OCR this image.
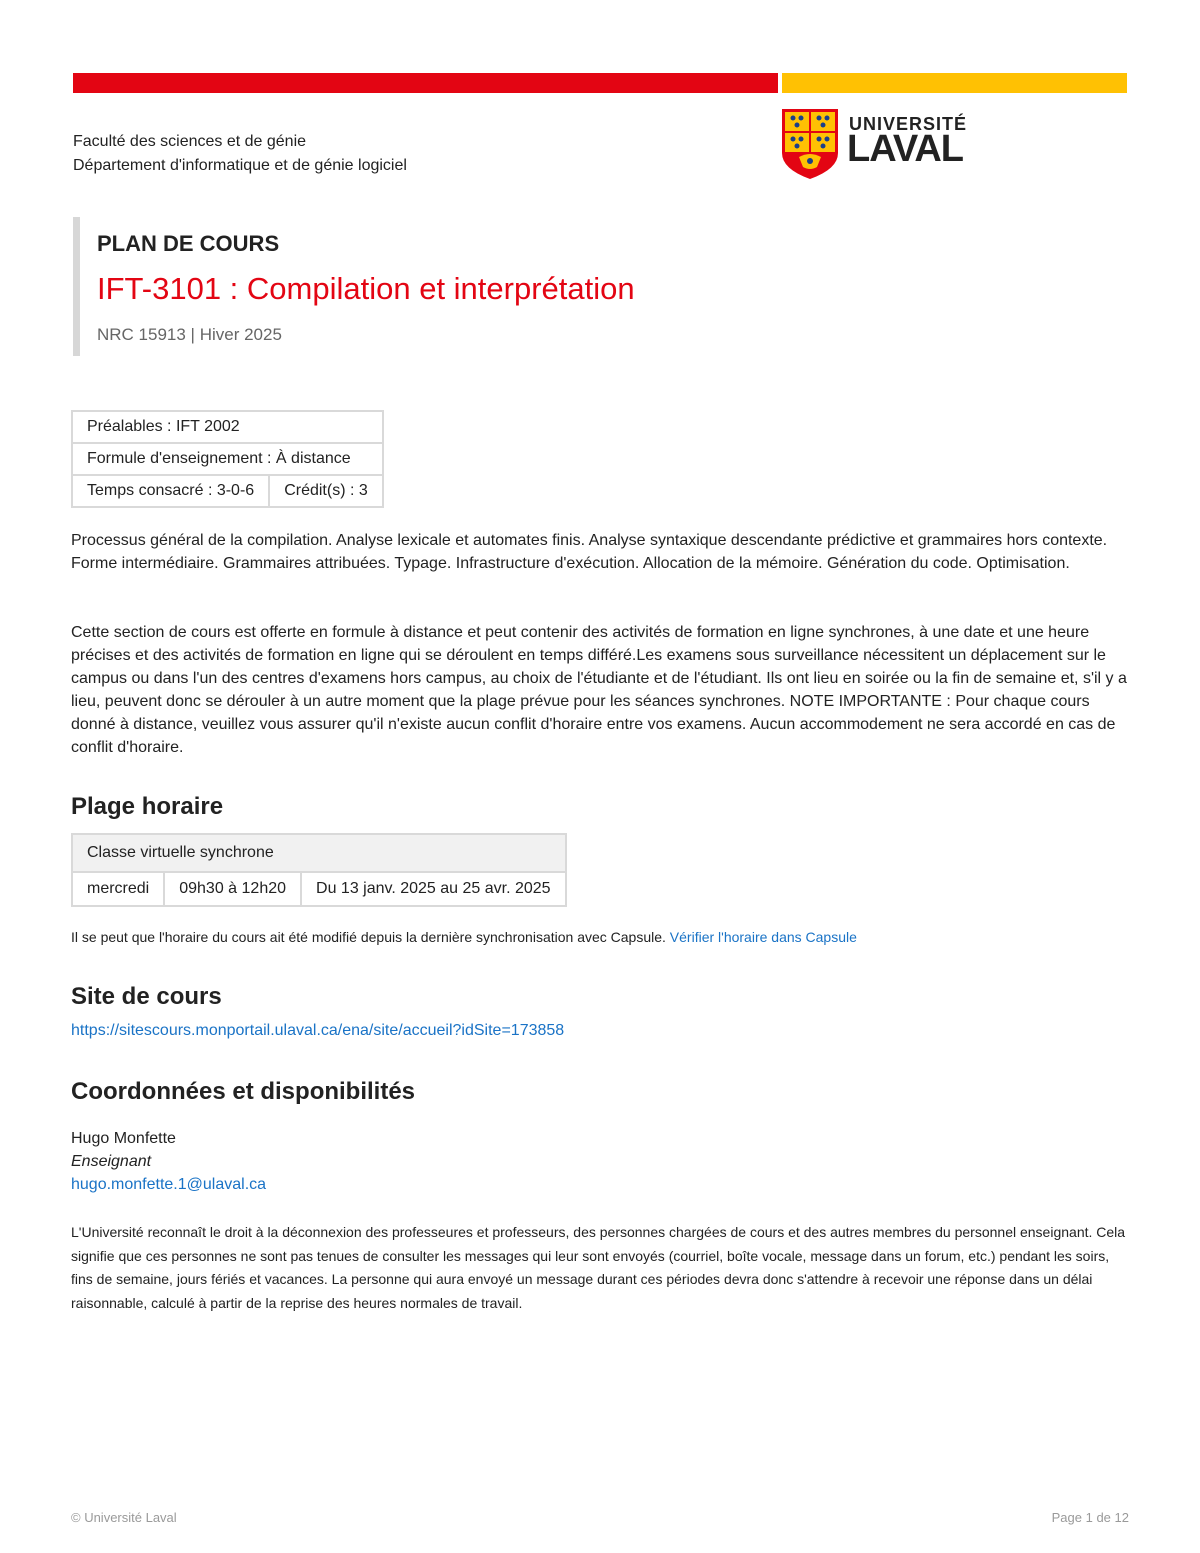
Faculté des sciences et de génie
Département d'informatique et de génie logiciel
UNIVERSITÉ
LAVAL
PLAN DE COURS
IFT-3101 : Compilation et interprétation
NRC 15913 | Hiver 2025
Préalables : IFT 2002
Formule d'enseignement : À distance
Temps consacré : 3-0-6	Crédit(s) : 3

Processus général de la compilation. Analyse lexicale et automates finis. Analyse syntaxique descendante prédictive et grammaires hors contexte. Forme intermédiaire. Grammaires attribuées. Typage. Infrastructure d'exécution. Allocation de la mémoire. Génération du code. Optimisation.

Cette section de cours est offerte en formule à distance et peut contenir des activités de formation en ligne synchrones, à une date et une heure précises et des activités de formation en ligne qui se déroulent en temps différé.Les examens sous surveillance nécessitent un déplacement sur le campus ou dans l'un des centres d'examens hors campus, au choix de l'étudiante et de l'étudiant. Ils ont lieu en soirée ou la fin de semaine et, s'il y a lieu, peuvent donc se dérouler à un autre moment que la plage prévue pour les séances synchrones. NOTE IMPORTANTE : Pour chaque cours donné à distance, veuillez vous assurer qu'il n'existe aucun conflit d'horaire entre vos examens. Aucun accommodement ne sera accordé en cas de conflit d'horaire.

Plage horaire
Classe virtuelle synchrone
mercredi	09h30 à 12h20	Du 13 janv. 2025 au 25 avr. 2025
Il se peut que l'horaire du cours ait été modifié depuis la dernière synchronisation avec Capsule. Vérifier l'horaire dans Capsule
Site de cours
https://sitescours.monportail.ulaval.ca/ena/site/accueil?idSite=173858
Coordonnées et disponibilités
Hugo Monfette
Enseignant
hugo.monfette.1@ulaval.ca

L'Université reconnaît le droit à la déconnexion des professeures et professeurs, des personnes chargées de cours et des autres membres du personnel enseignant. Cela signifie que ces personnes ne sont pas tenues de consulter les messages qui leur sont envoyés (courriel, boîte vocale, message dans un forum, etc.) pendant les soirs, fins de semaine, jours fériés et vacances. La personne qui aura envoyé un message durant ces périodes devra donc s'attendre à recevoir une réponse dans un délai raisonnable, calculé à partir de la reprise des heures normales de travail.

© Université Laval	Page 1 de 12
